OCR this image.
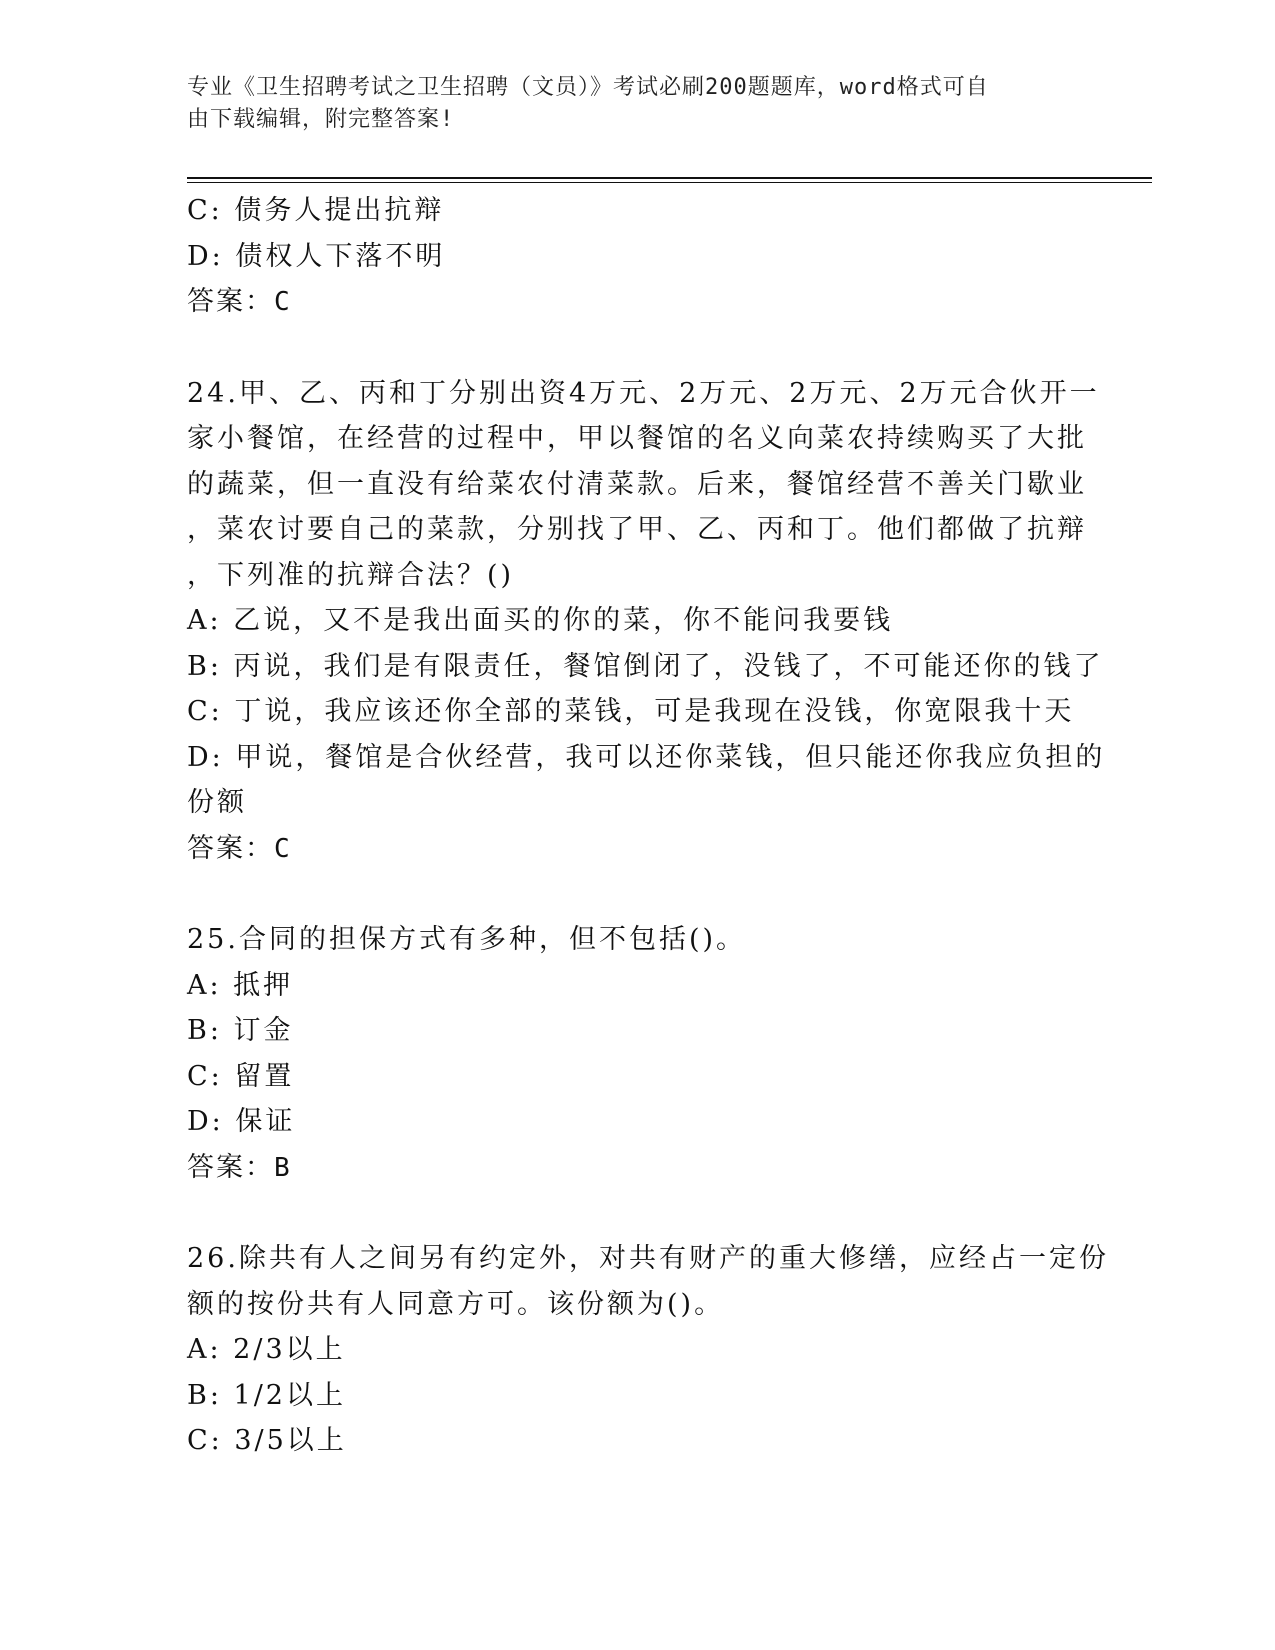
专业《卫生招聘考试之卫生招聘（文员）》考试必刷200题题库，word格式可自
由下载编辑，附完整答案!
C: 债务人提出抗辩
D: 债权人下落不明
答案：C
24.甲、乙、丙和丁分别出资4万元、2万元、2万元、2万元合伙开一
家小餐馆，在经营的过程中，甲以餐馆的名义向菜农持续购买了大批
的蔬菜，但一直没有给菜农付清菜款。后来，餐馆经营不善关门歇业
，菜农讨要自己的菜款，分别找了甲、乙、丙和丁。他们都做了抗辩
，下列准的抗辩合法？()
A: 乙说，又不是我出面买的你的菜，你不能问我要钱
B: 丙说，我们是有限责任，餐馆倒闭了，没钱了，不可能还你的钱了
C: 丁说，我应该还你全部的菜钱，可是我现在没钱，你宽限我十天
D: 甲说，餐馆是合伙经营，我可以还你菜钱，但只能还你我应负担的
份额
答案：C
25.合同的担保方式有多种，但不包括()。
A: 抵押
B: 订金
C: 留置
D: 保证
答案：B
26.除共有人之间另有约定外，对共有财产的重大修缮，应经占一定份
额的按份共有人同意方可。该份额为()。
A: 2/3以上
B: 1/2以上
C: 3/5以上
